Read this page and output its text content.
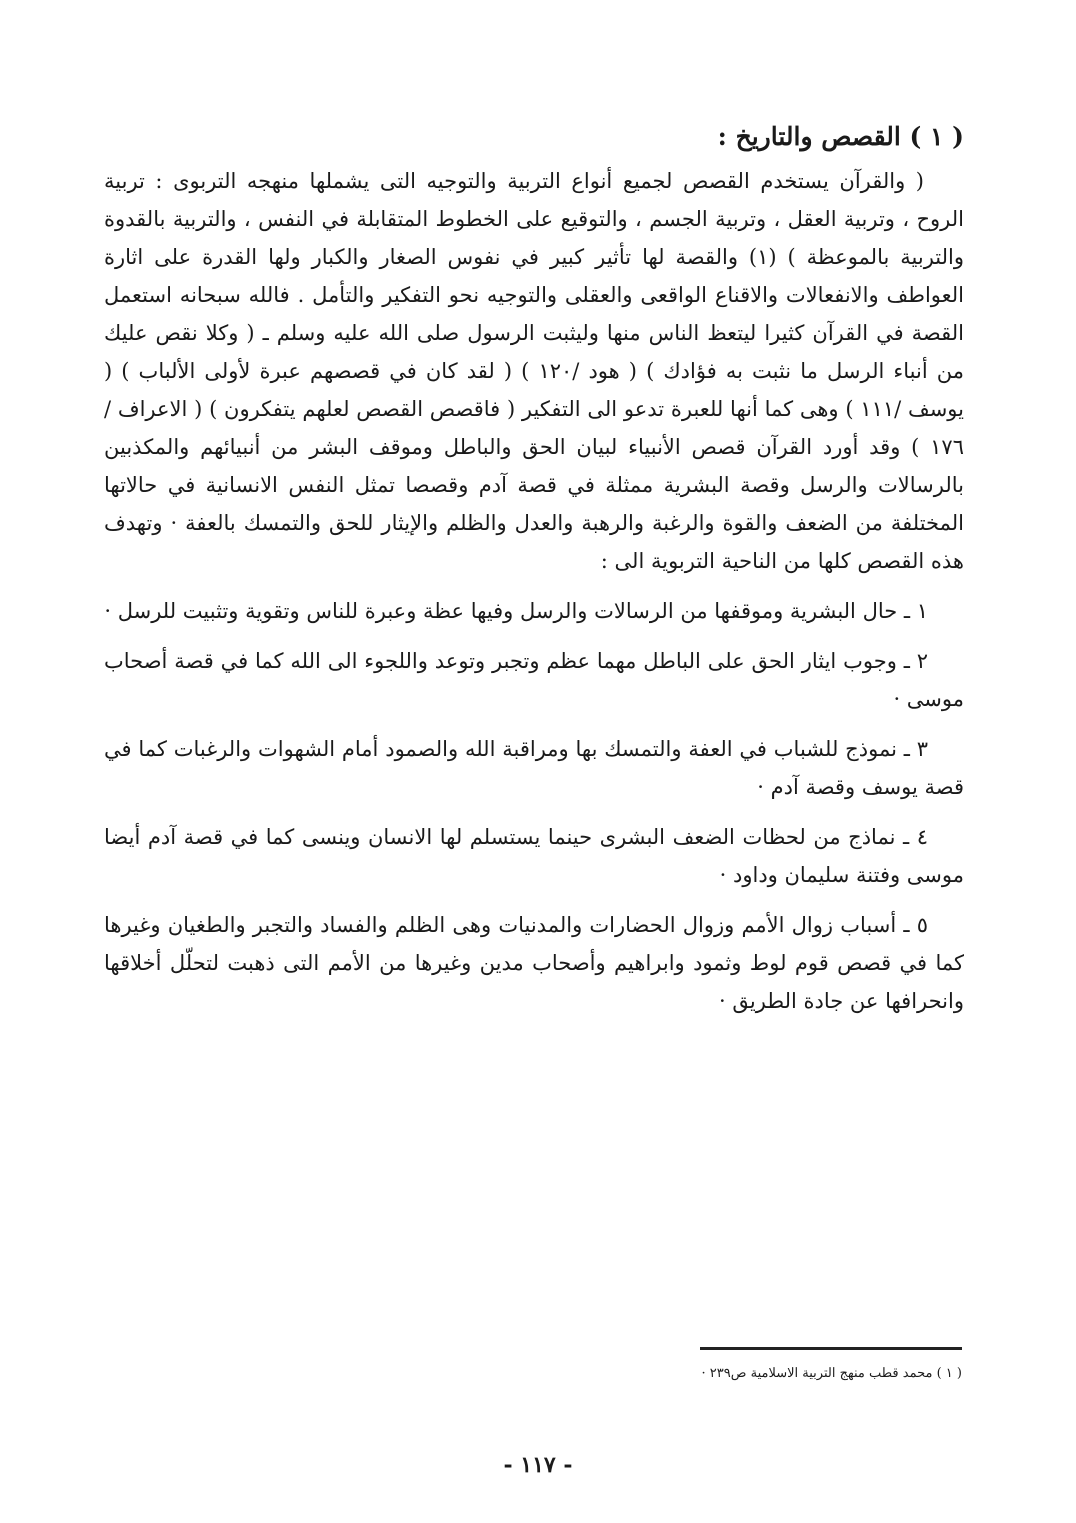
( ١ ) القصص والتاريخ :

( والقرآن يستخدم القصص لجميع أنواع التربية والتوجيه التى يشملها منهجه التربوى : تربية الروح ، وتربية العقل ، وتربية الجسم ، والتوقيع على الخطوط المتقابلة في النفس ، والتربية بالقدوة والتربية بالموعظة ) (١) والقصة لها تأثير كبير في نفوس الصغار والكبار ولها القدرة على اثارة العواطف والانفعالات والاقناع الواقعى والعقلى والتوجيه نحو التفكير والتأمل . فالله سبحانه استعمل القصة في القرآن كثيرا ليتعظ الناس منها وليثبت الرسول صلى الله عليه وسلم ـ ( وكلا نقص عليك من أنباء الرسل ما نثبت به فؤادك ) ( هود /١٢٠ ) ( لقد كان في قصصهم عبرة لأولى الألباب ) ( يوسف /١١١ ) وهى كما أنها للعبرة تدعو الى التفكير ( فاقصص القصص لعلهم يتفكرون ) ( الاعراف /١٧٦ ) وقد أورد القرآن قصص الأنبياء لبيان الحق والباطل وموقف البشر من أنبيائهم والمكذبين بالرسالات والرسل وقصة البشرية ممثلة في قصة آدم وقصصا تمثل النفس الانسانية في حالاتها المختلفة من الضعف والقوة والرغبة والرهبة والعدل والظلم والإيثار للحق والتمسك بالعفة · وتهدف هذه القصص كلها من الناحية التربوية الى :

١ ـ حال البشرية وموقفها من الرسالات والرسل وفيها عظة وعبرة للناس وتقوية وتثبيت للرسل ·

٢ ـ وجوب ايثار الحق على الباطل مهما عظم وتجبر وتوعد واللجوء الى الله كما في قصة أصحاب موسى ·

٣ ـ نموذج للشباب في العفة والتمسك بها ومراقبة الله والصمود أمام الشهوات والرغبات كما في قصة يوسف وقصة آدم ·

٤ ـ نماذج من لحظات الضعف البشرى حينما يستسلم لها الانسان وينسى كما في قصة آدم أيضا موسى وفتنة سليمان وداود ·

٥ ـ أسباب زوال الأمم وزوال الحضارات والمدنيات وهى الظلم والفساد والتجبر والطغيان وغيرها كما في قصص قوم لوط وثمود وابراهيم وأصحاب مدين وغيرها من الأمم التى ذهبت لتحلّل أخلاقها وانحرافها عن جادة الطريق ·

( ١ ) محمد قطب منهج التربية الاسلامية ص٢٣٩ ·
- ١١٧ -
